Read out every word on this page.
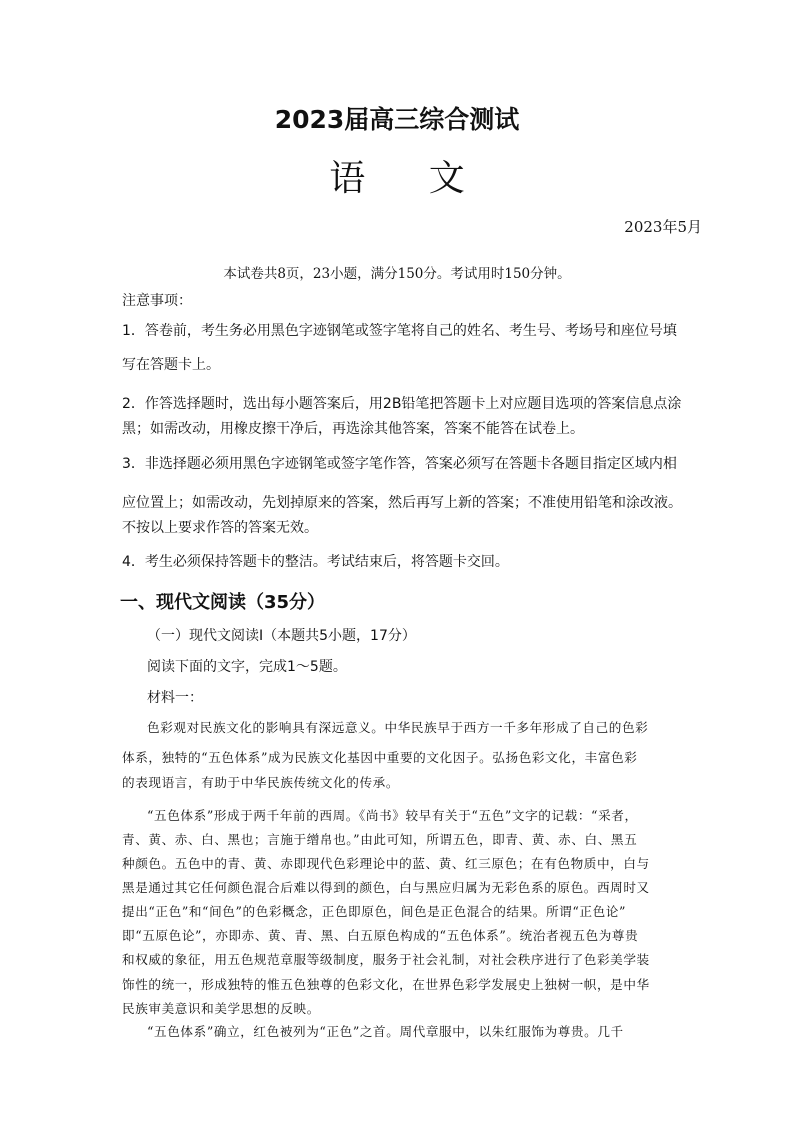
2023届高三综合测试
语 文
2023年5月
本试卷共8页，23小题，满分150分。考试用时150分钟。
注意事项：
1．答卷前，考生务必用黑色字迹钢笔或签字笔将自己的姓名、考生号、考场号和座位号填
写在答题卡上。
2．作答选择题时，选出每小题答案后，用2B铅笔把答题卡上对应题目选项的答案信息点涂
黑；如需改动，用橡皮擦干净后，再选涂其他答案，答案不能答在试卷上。
3．非选择题必须用黑色字迹钢笔或签字笔作答，答案必须写在答题卡各题目指定区域内相
应位置上；如需改动，先划掉原来的答案，然后再写上新的答案；不准使用铅笔和涂改液。
不按以上要求作答的答案无效。
4．考生必须保持答题卡的整洁。考试结束后，将答题卡交回。
一、现代文阅读（35分）
（一）现代文阅读Ⅰ（本题共5小题，17分）
阅读下面的文字，完成1～5题。
材料一：
色彩观对民族文化的影响具有深远意义。中华民族早于西方一千多年形成了自己的色彩
体系，独特的“五色体系”成为民族文化基因中重要的文化因子。弘扬色彩文化，丰富色彩
的表现语言，有助于中华民族传统文化的传承。
“五色体系”形成于两千年前的西周。《尚书》较早有关于“五色”文字的记载：“采者，
青、黄、赤、白、黑也；言施于缯帛也。”由此可知，所谓五色，即青、黄、赤、白、黑五
种颜色。五色中的青、黄、赤即现代色彩理论中的蓝、黄、红三原色；在有色物质中，白与
黑是通过其它任何颜色混合后难以得到的颜色，白与黑应归属为无彩色系的原色。西周时又
提出“正色”和“间色”的色彩概念，正色即原色，间色是正色混合的结果。所谓“正色论”
即“五原色论”，亦即赤、黄、青、黑、白五原色构成的“五色体系”。统治者视五色为尊贵
和权威的象征，用五色规范章服等级制度，服务于社会礼制，对社会秩序进行了色彩美学装
饰性的统一，形成独特的惟五色独尊的色彩文化，在世界色彩学发展史上独树一帜，是中华
民族审美意识和美学思想的反映。
“五色体系”确立，红色被列为“正色”之首。周代章服中，以朱红服饰为尊贵。几千
